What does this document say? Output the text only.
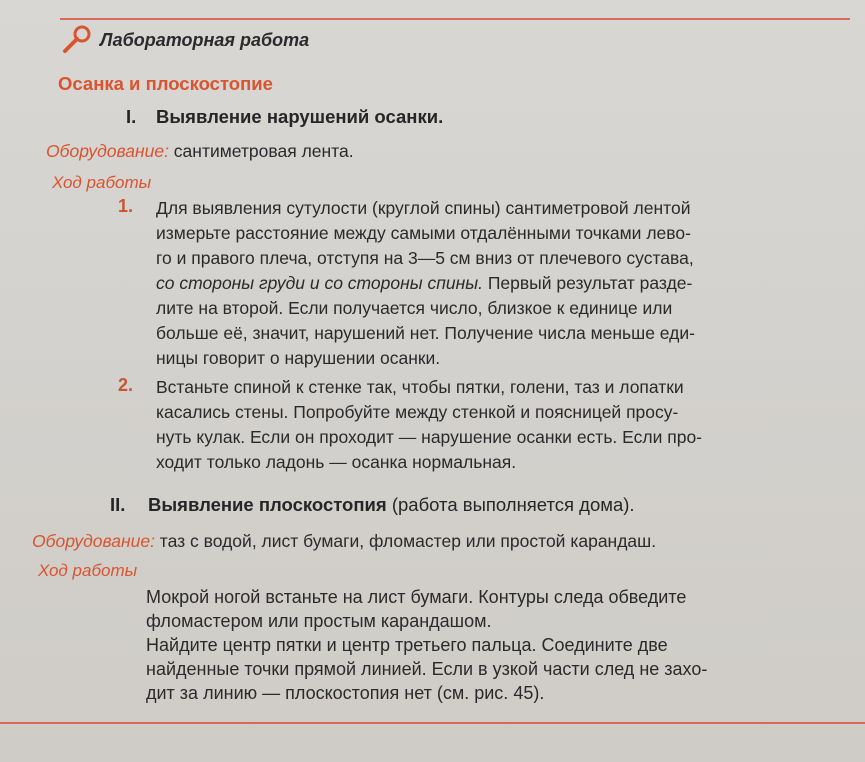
Лабораторная работа
Осанка и плоскостопие
I. Выявление нарушений осанки.
Оборудование: сантиметровая лента.
Ход работы
1. Для выявления сутулости (круглой спины) сантиметровой лентой

измерьте расстояние между самыми отдалёнными точками лево-

го и правого плеча, отступя на 3—5 см вниз от плечевого сустава,

со стороны груди и со стороны спины. Первый результат разде-

лите на второй. Если получается число, близкое к единице или

больше её, значит, нарушений нет. Получение числа меньше еди-

ницы говорит о нарушении осанки.

2. Встаньте спиной к стенке так, чтобы пятки, голени, таз и лопатки

касались стены. Попробуйте между стенкой и поясницей просу-

нуть кулак. Если он проходит — нарушение осанки есть. Если про-

ходит только ладонь — осанка нормальная.

II. Выявление плоскостопия (работа выполняется дома).
Оборудование: таз с водой, лист бумаги, фломастер или простой карандаш.
Ход работы

Мокрой ногой встаньте на лист бумаги. Контуры следа обведите

фломастером или простым карандашом.

Найдите центр пятки и центр третьего пальца. Соедините две

найденные точки прямой линией. Если в узкой части след не захо-

дит за линию — плоскостопия нет (см. рис. 45).
